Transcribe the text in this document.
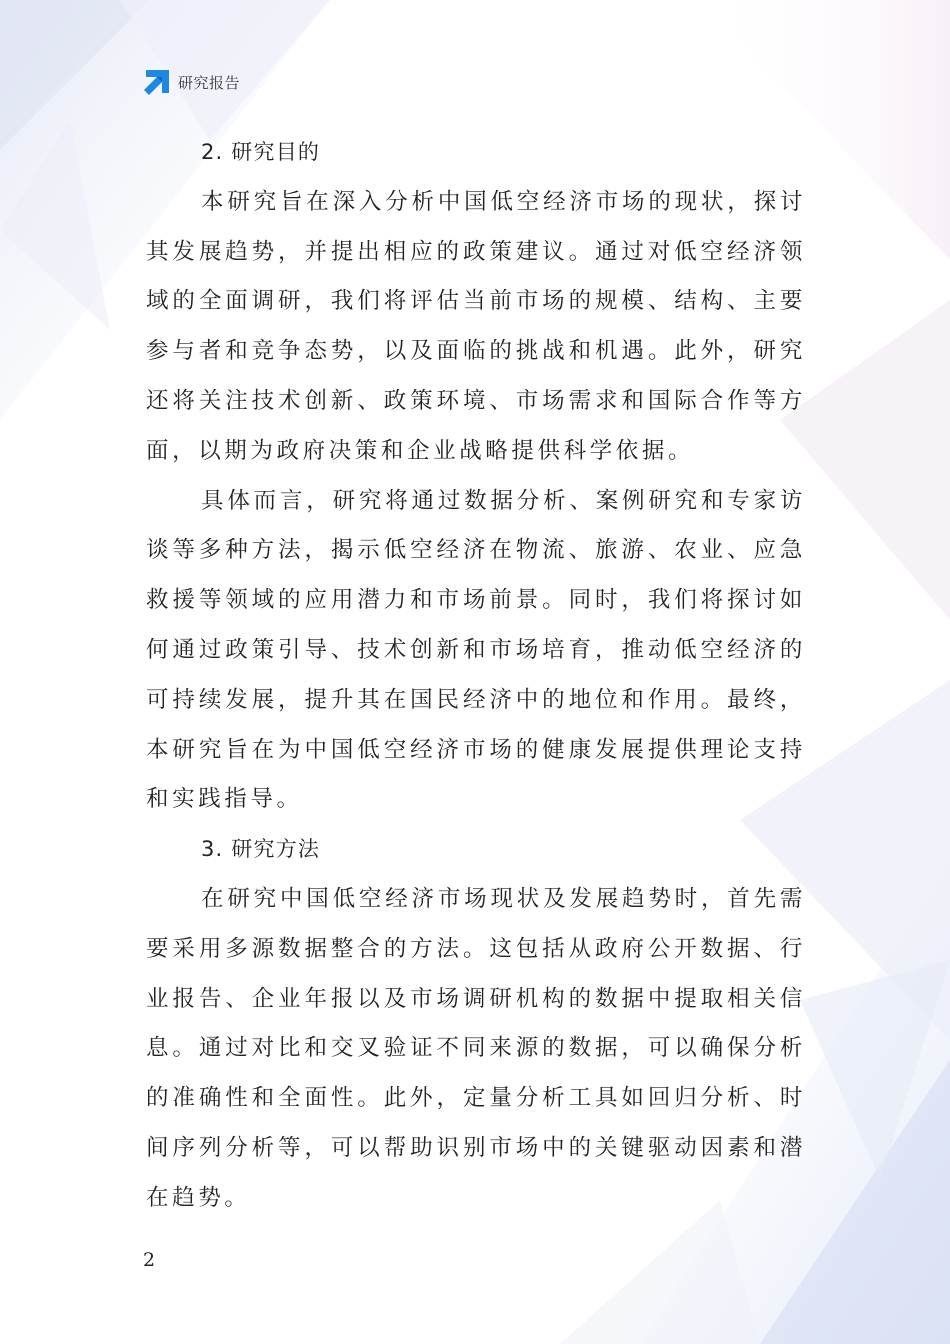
研究报告
2. 研究目的

本研究旨在深入分析中国低空经济市场的现状，探讨其发展趋势，并提出相应的政策建议。通过对低空经济领域的全面调研，我们将评估当前市场的规模、结构、主要参与者和竞争态势，以及面临的挑战和机遇。此外，研究还将关注技术创新、政策环境、市场需求和国际合作等方面，以期为政府决策和企业战略提供科学依据。

具体而言，研究将通过数据分析、案例研究和专家访谈等多种方法，揭示低空经济在物流、旅游、农业、应急救援等领域的应用潜力和市场前景。同时，我们将探讨如何通过政策引导、技术创新和市场培育，推动低空经济的可持续发展，提升其在国民经济中的地位和作用。最终，本研究旨在为中国低空经济市场的健康发展提供理论支持和实践指导。

3. 研究方法

在研究中国低空经济市场现状及发展趋势时，首先需要采用多源数据整合的方法。这包括从政府公开数据、行业报告、企业年报以及市场调研机构的数据中提取相关信息。通过对比和交叉验证不同来源的数据，可以确保分析的准确性和全面性。此外，定量分析工具如回归分析、时间序列分析等，可以帮助识别市场中的关键驱动因素和潜在趋势。

2
